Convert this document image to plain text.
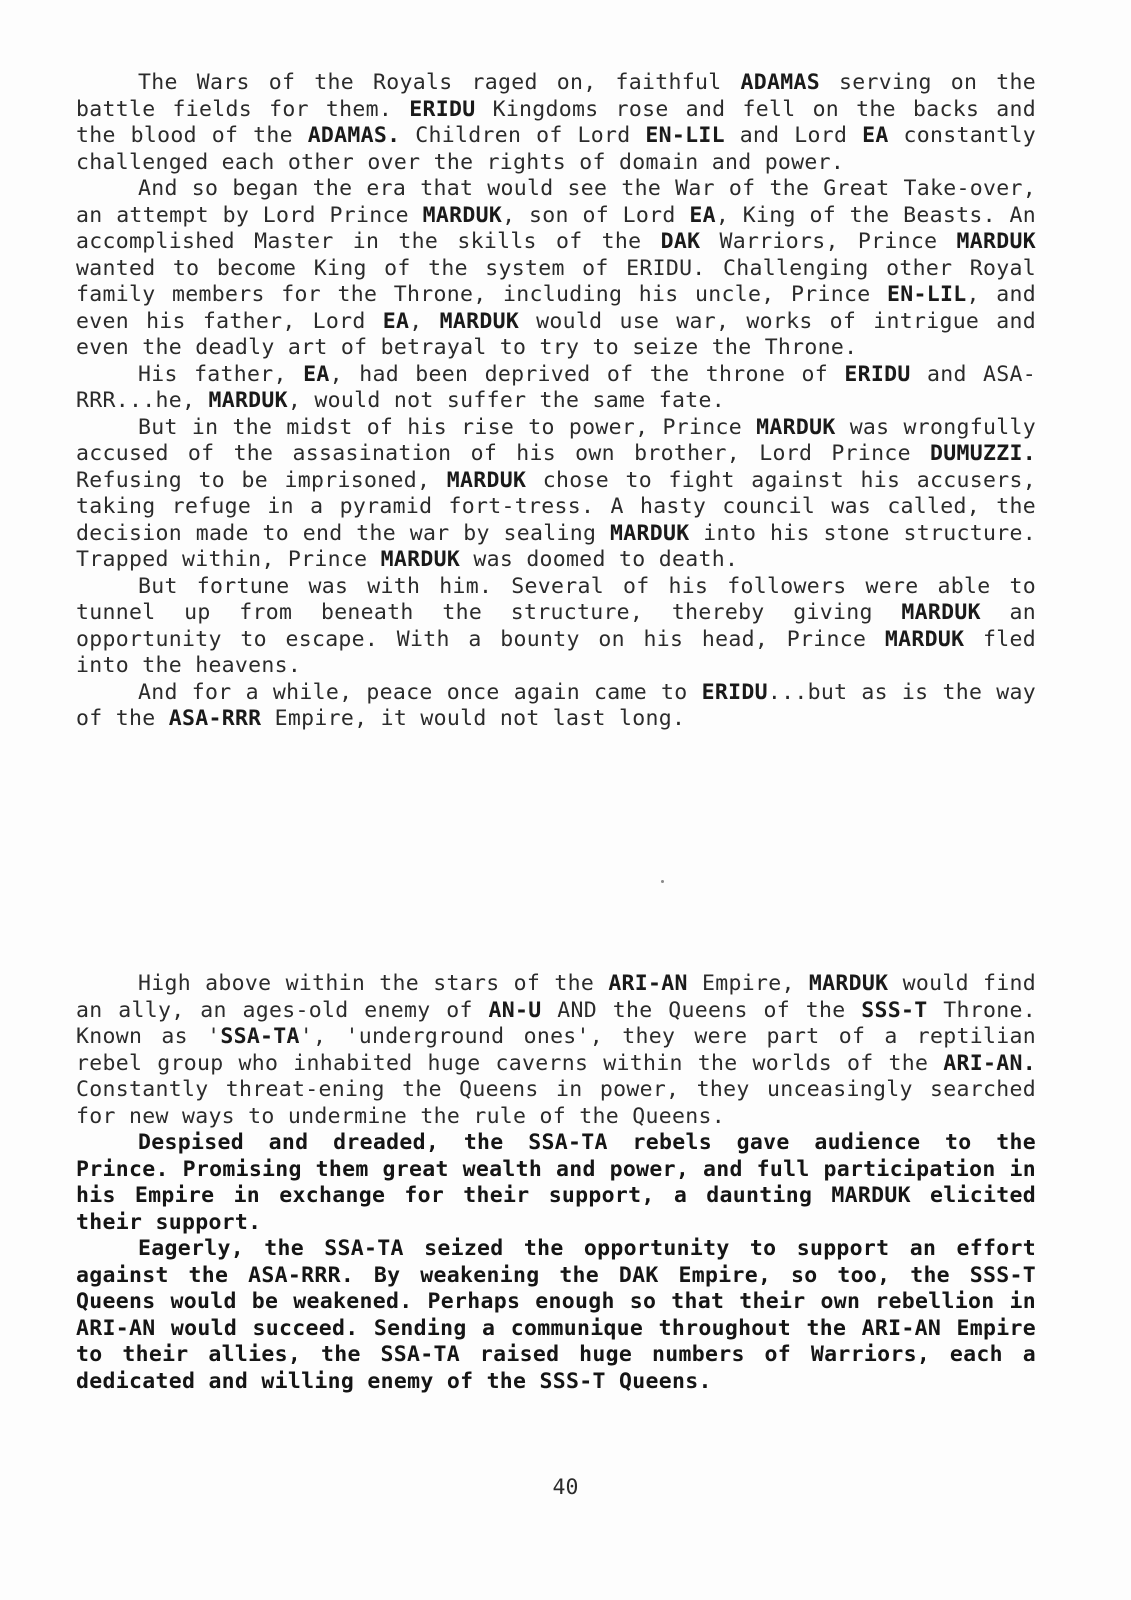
The Wars of the Royals raged on, faithful ADAMAS serving on the battle fields for them. ERIDU Kingdoms rose and fell on the backs and the blood of the ADAMAS. Children of Lord EN-LIL and Lord EA constantly challenged each other over the rights of domain and power.

And so began the era that would see the War of the Great Take-over, an attempt by Lord Prince MARDUK, son of Lord EA, King of the Beasts. An accomplished Master in the skills of the DAK Warriors, Prince MARDUK wanted to become King of the system of ERIDU. Challenging other Royal family members for the Throne, including his uncle, Prince EN-LIL, and even his father, Lord EA, MARDUK would use war, works of intrigue and even the deadly art of betrayal to try to seize the Throne.

His father, EA, had been deprived of the throne of ERIDU and ASA-RRR...he, MARDUK, would not suffer the same fate.

But in the midst of his rise to power, Prince MARDUK was wrongfully accused of the assasination of his own brother, Lord Prince DUMUZZI. Refusing to be imprisoned, MARDUK chose to fight against his accusers, taking refuge in a pyramid fort-tress. A hasty council was called, the decision made to end the war by sealing MARDUK into his stone structure. Trapped within, Prince MARDUK was doomed to death.

But fortune was with him. Several of his followers were able to tunnel up from beneath the structure, thereby giving MARDUK an opportunity to escape. With a bounty on his head, Prince MARDUK fled into the heavens.

And for a while, peace once again came to ERIDU...but as is the way of the ASA-RRR Empire, it would not last long.

High above within the stars of the ARI-AN Empire, MARDUK would find an ally, an ages-old enemy of AN-U AND the Queens of the SSS-T Throne. Known as 'SSA-TA', 'underground ones', they were part of a reptilian rebel group who inhabited huge caverns within the worlds of the ARI-AN. Constantly threat-ening the Queens in power, they unceasingly searched for new ways to undermine the rule of the Queens.

Despised and dreaded, the SSA-TA rebels gave audience to the Prince. Promising them great wealth and power, and full participation in his Empire in exchange for their support, a daunting MARDUK elicited their support.

Eagerly, the SSA-TA seized the opportunity to support an effort against the ASA-RRR. By weakening the DAK Empire, so too, the SSS-T Queens would be weakened. Perhaps enough so that their own rebellion in ARI-AN would succeed. Sending a communique throughout the ARI-AN Empire to their allies, the SSA-TA raised huge numbers of Warriors, each a dedicated and willing enemy of the SSS-T Queens.

40
